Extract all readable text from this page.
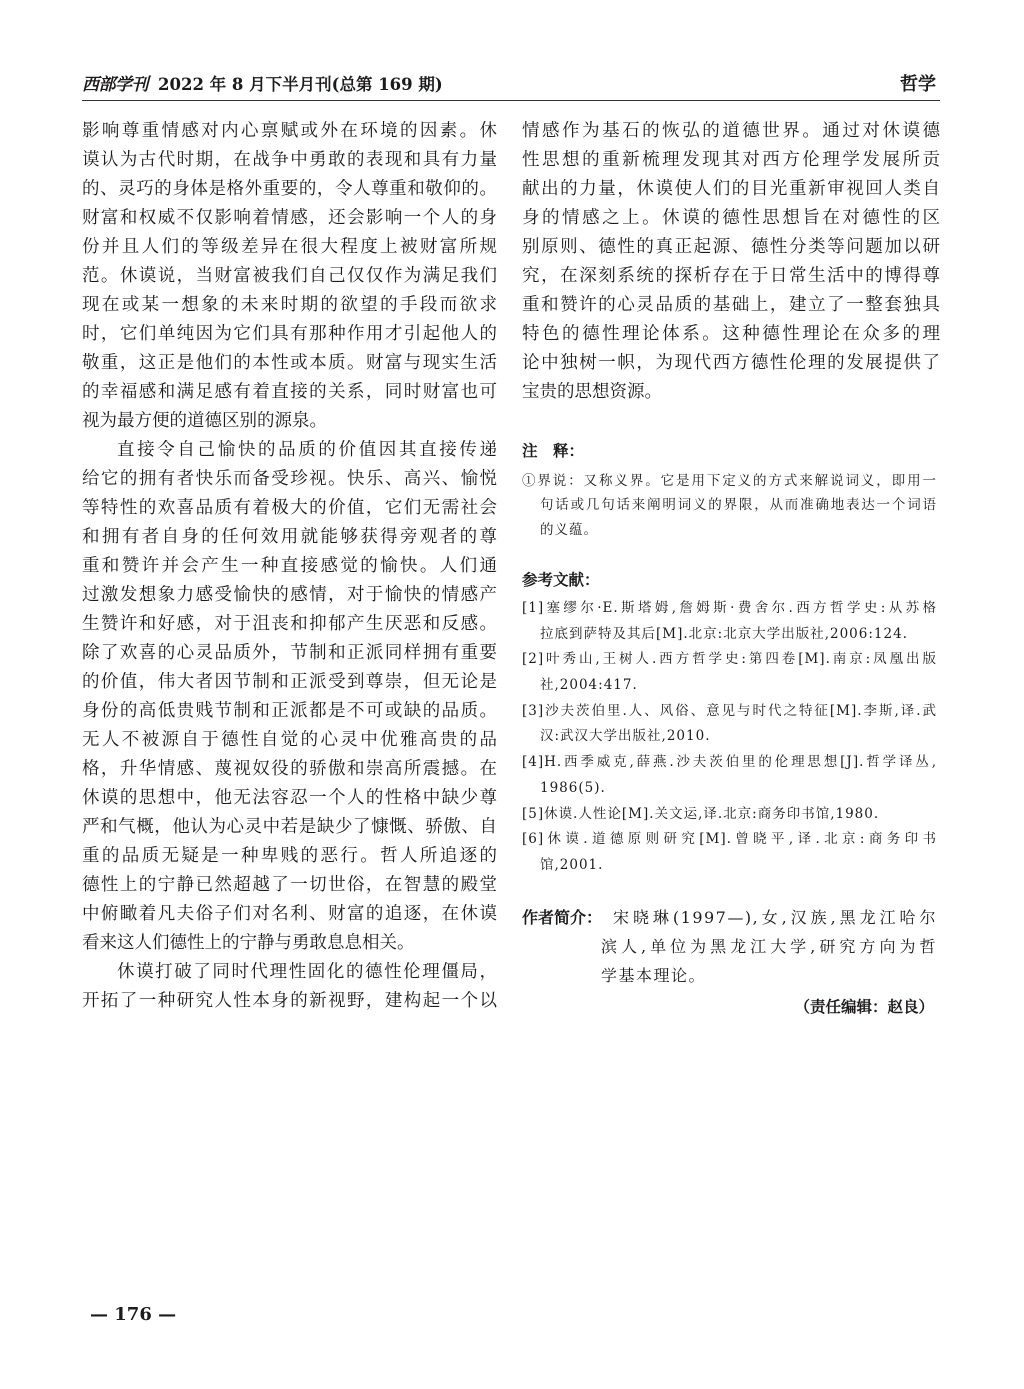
西部学刊 2022 年 8 月下半月刊(总第 169 期)	哲学
影响尊重情感对内心禀赋或外在环境的因素。休
谟认为古代时期，在战争中勇敢的表现和具有力量
的、灵巧的身体是格外重要的，令人尊重和敬仰的。
财富和权威不仅影响着情感，还会影响一个人的身
份并且人们的等级差异在很大程度上被财富所规
范。休谟说，当财富被我们自己仅仅作为满足我们
现在或某一想象的未来时期的欲望的手段而欲求
时，它们单纯因为它们具有那种作用才引起他人的
敬重，这正是他们的本性或本质。财富与现实生活
的幸福感和满足感有着直接的关系，同时财富也可
视为最方便的道德区别的源泉。
直接令自己愉快的品质的价值因其直接传递
给它的拥有者快乐而备受珍视。快乐、高兴、愉悦
等特性的欢喜品质有着极大的价值，它们无需社会
和拥有者自身的任何效用就能够获得旁观者的尊
重和赞许并会产生一种直接感觉的愉快。人们通
过激发想象力感受愉快的感情，对于愉快的情感产
生赞许和好感，对于沮丧和抑郁产生厌恶和反感。
除了欢喜的心灵品质外，节制和正派同样拥有重要
的价值，伟大者因节制和正派受到尊崇，但无论是
身份的高低贵贱节制和正派都是不可或缺的品质。
无人不被源自于德性自觉的心灵中优雅高贵的品
格，升华情感、蔑视奴役的骄傲和崇高所震撼。在
休谟的思想中，他无法容忍一个人的性格中缺少尊
严和气概，他认为心灵中若是缺少了慷慨、骄傲、自
重的品质无疑是一种卑贱的恶行。哲人所追逐的
德性上的宁静已然超越了一切世俗，在智慧的殿堂
中俯瞰着凡夫俗子们对名利、财富的追逐，在休谟
看来这人们德性上的宁静与勇敢息息相关。
休谟打破了同时代理性固化的德性伦理僵局，
开拓了一种研究人性本身的新视野，建构起一个以
情感作为基石的恢弘的道德世界。通过对休谟德
性思想的重新梳理发现其对西方伦理学发展所贡
献出的力量，休谟使人们的目光重新审视回人类自
身的情感之上。休谟的德性思想旨在对德性的区
别原则、德性的真正起源、德性分类等问题加以研
究，在深刻系统的探析存在于日常生活中的博得尊
重和赞许的心灵品质的基础上，建立了一整套独具
特色的德性理论体系。这种德性理论在众多的理
论中独树一帜，为现代西方德性伦理的发展提供了
宝贵的思想资源。
注　释：
①界说：又称义界。它是用下定义的方式来解说词义，即用一
句话或几句话来阐明词义的界限，从而准确地表达一个词语
的义蕴。
参考文献：
[1]塞缪尔·E.斯塔姆,詹姆斯·费舍尔.西方哲学史:从苏格
拉底到萨特及其后[M].北京:北京大学出版社,2006:124.
[2]叶秀山,王树人.西方哲学史:第四卷[M].南京:凤凰出版
社,2004:417.
[3]沙夫茨伯里.人、风俗、意见与时代之特征[M].李斯,译.武
汉:武汉大学出版社,2010.
[4]H.西季威克,薛燕.沙夫茨伯里的伦理思想[J].哲学译丛,
1986(5).
[5]休谟.人性论[M].关文运,译.北京:商务印书馆,1980.
[6]休谟.道德原则研究[M].曾晓平,译.北京:商务印书
馆,2001.
作者简介： 宋晓琳(1997—),女,汉族,黑龙江哈尔
滨人,单位为黑龙江大学,研究方向为哲
学基本理论。
（责任编辑：赵良）
— 176 —
